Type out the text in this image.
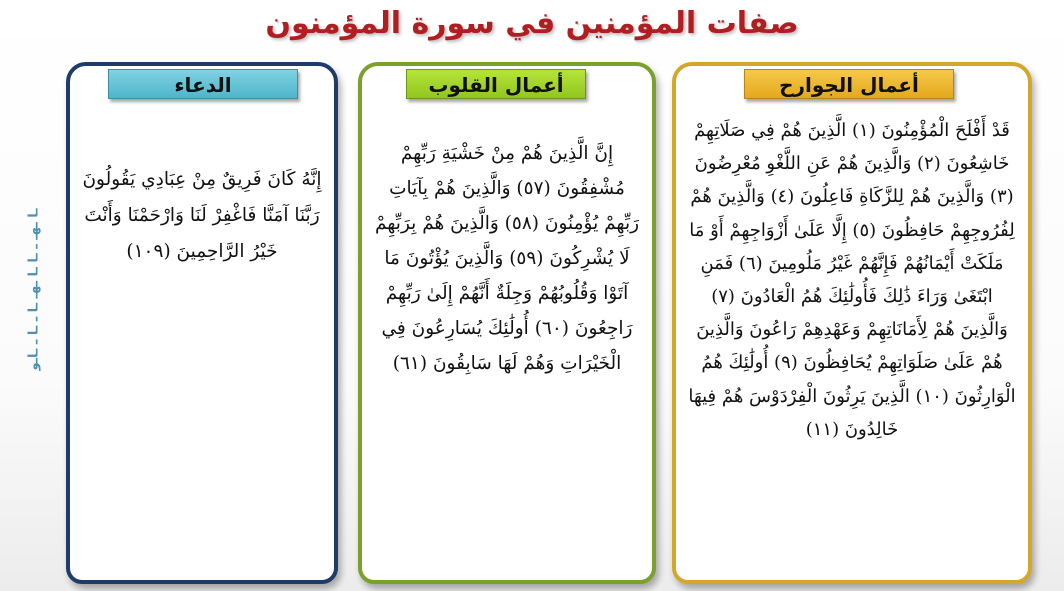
صفات المؤمنين في سورة المؤمنون
ـا ـهـ ـ ـا ـا ـهـ ـا ـ ـا ـ ـاـو
أعمال الجوارح
قَدْ أَفْلَحَ الْمُؤْمِنُونَ (١) الَّذِينَ هُمْ فِي صَلَاتِهِمْ خَاشِعُونَ (٢) وَالَّذِينَ هُمْ عَنِ اللَّغْوِ مُعْرِضُونَ (٣) وَالَّذِينَ هُمْ لِلزَّكَاةِ فَاعِلُونَ (٤) وَالَّذِينَ هُمْ لِفُرُوجِهِمْ حَافِظُونَ (٥) إِلَّا عَلَىٰ أَزْوَاجِهِمْ أَوْ مَا مَلَكَتْ أَيْمَانُهُمْ فَإِنَّهُمْ غَيْرُ مَلُومِينَ (٦) فَمَنِ ابْتَغَىٰ وَرَاءَ ذَٰلِكَ فَأُولَٰئِكَ هُمُ الْعَادُونَ (٧) وَالَّذِينَ هُمْ لِأَمَانَاتِهِمْ وَعَهْدِهِمْ رَاعُونَ وَالَّذِينَ هُمْ عَلَىٰ صَلَوَاتِهِمْ يُحَافِظُونَ (٩) أُولَٰئِكَ هُمُ الْوَارِثُونَ (١٠) الَّذِينَ يَرِثُونَ الْفِرْدَوْسَ هُمْ فِيهَا خَالِدُونَ (١١)
أعمال القلوب
إِنَّ الَّذِينَ هُمْ مِنْ خَشْيَةِ رَبِّهِمْ مُشْفِقُونَ (٥٧) وَالَّذِينَ هُمْ بِآيَاتِ رَبِّهِمْ يُؤْمِنُونَ (٥٨) وَالَّذِينَ هُمْ بِرَبِّهِمْ لَا يُشْرِكُونَ (٥٩) وَالَّذِينَ يُؤْتُونَ مَا آتَوْا وَقُلُوبُهُمْ وَجِلَةٌ أَنَّهُمْ إِلَىٰ رَبِّهِمْ رَاجِعُونَ (٦٠) أُولَٰئِكَ يُسَارِعُونَ فِي الْخَيْرَاتِ وَهُمْ لَهَا سَابِقُونَ (٦١)
الدعاء
إِنَّهُ كَانَ فَرِيقٌ مِنْ عِبَادِي يَقُولُونَ رَبَّنَا آمَنَّا فَاغْفِرْ لَنَا وَارْحَمْنَا وَأَنْتَ خَيْرُ الرَّاحِمِينَ (١٠٩)
